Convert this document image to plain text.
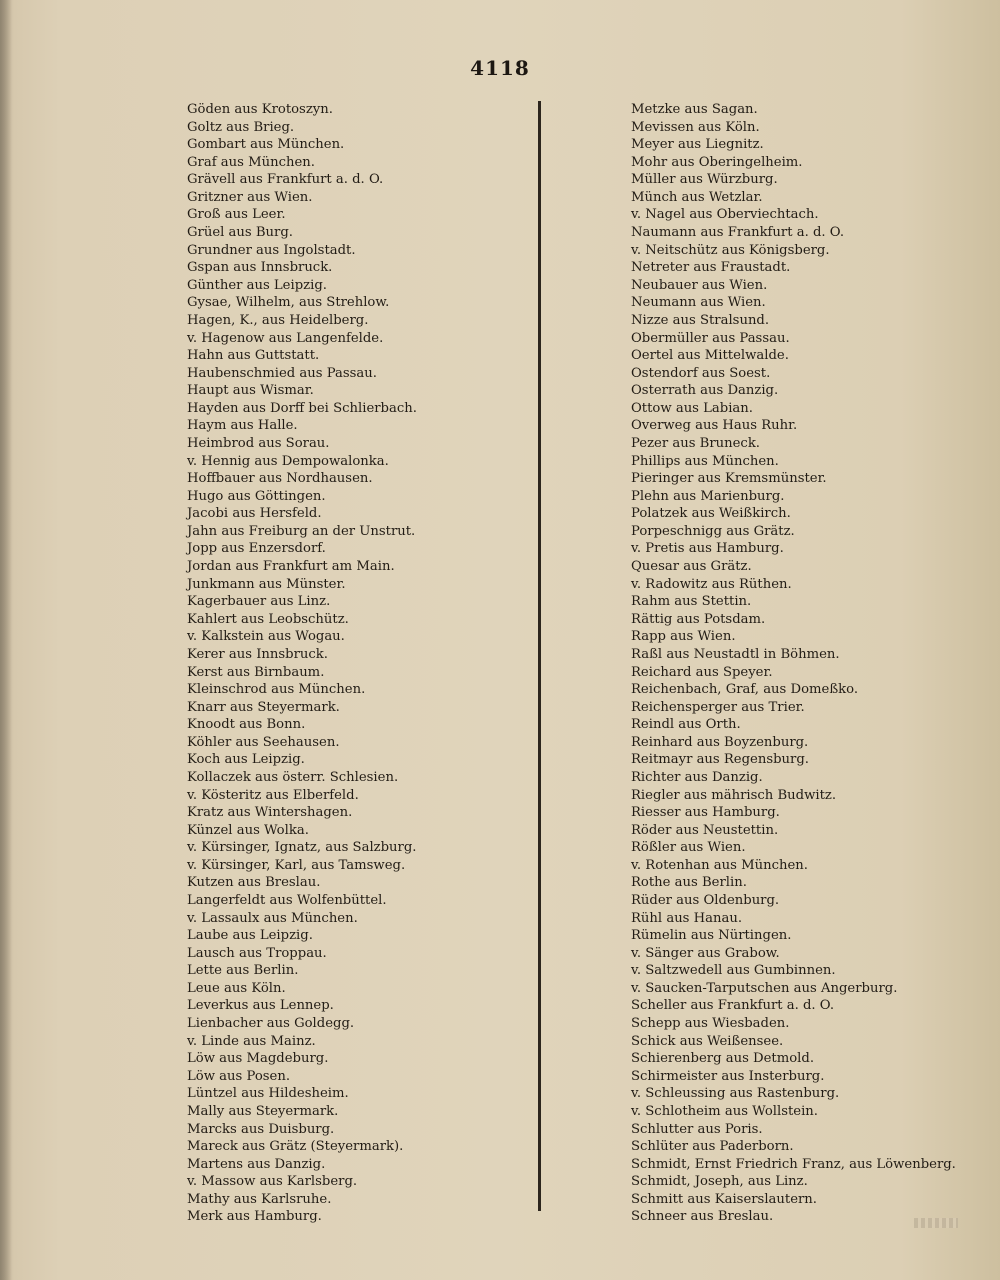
4118
Göden aus Krotoszyn.
Goltz aus Brieg.
Gombart aus München.
Graf aus München.
Grävell aus Frankfurt a. d. O.
Gritzner aus Wien.
Groß aus Leer.
Grüel aus Burg.
Grundner aus Ingolstadt.
Gspan aus Innsbruck.
Günther aus Leipzig.
Gysae, Wilhelm, aus Strehlow.
Hagen, K., aus Heidelberg.
v. Hagenow aus Langenfelde.
Hahn aus Guttstatt.
Haubenschmied aus Passau.
Haupt aus Wismar.
Hayden aus Dorff bei Schlierbach.
Haym aus Halle.
Heimbrod aus Sorau.
v. Hennig aus Dempowalonka.
Hoffbauer aus Nordhausen.
Hugo aus Göttingen.
Jacobi aus Hersfeld.
Jahn aus Freiburg an der Unstrut.
Jopp aus Enzersdorf.
Jordan aus Frankfurt am Main.
Junkmann aus Münster.
Kagerbauer aus Linz.
Kahlert aus Leobschütz.
v. Kalkstein aus Wogau.
Kerer aus Innsbruck.
Kerst aus Birnbaum.
Kleinschrod aus München.
Knarr aus Steyermark.
Knoodt aus Bonn.
Köhler aus Seehausen.
Koch aus Leipzig.
Kollaczek aus österr. Schlesien.
v. Kösteritz aus Elberfeld.
Kratz aus Wintershagen.
Künzel aus Wolka.
v. Kürsinger, Ignatz, aus Salzburg.
v. Kürsinger, Karl, aus Tamsweg.
Kutzen aus Breslau.
Langerfeldt aus Wolfenbüttel.
v. Lassaulx aus München.
Laube aus Leipzig.
Lausch aus Troppau.
Lette aus Berlin.
Leue aus Köln.
Leverkus aus Lennep.
Lienbacher aus Goldegg.
v. Linde aus Mainz.
Löw aus Magdeburg.
Löw aus Posen.
Lüntzel aus Hildesheim.
Mally aus Steyermark.
Marcks aus Duisburg.
Mareck aus Grätz (Steyermark).
Martens aus Danzig.
v. Massow aus Karlsberg.
Mathy aus Karlsruhe.
Merk aus Hamburg.
Metzke aus Sagan.
Mevissen aus Köln.
Meyer aus Liegnitz.
Mohr aus Oberingelheim.
Müller aus Würzburg.
Münch aus Wetzlar.
v. Nagel aus Oberviechtach.
Naumann aus Frankfurt a. d. O.
v. Neitschütz aus Königsberg.
Netreter aus Fraustadt.
Neubauer aus Wien.
Neumann aus Wien.
Nizze aus Stralsund.
Obermüller aus Passau.
Oertel aus Mittelwalde.
Ostendorf aus Soest.
Osterrath aus Danzig.
Ottow aus Labian.
Overweg aus Haus Ruhr.
Pezer aus Bruneck.
Phillips aus München.
Pieringer aus Kremsmünster.
Plehn aus Marienburg.
Polatzek aus Weißkirch.
Porpeschnigg aus Grätz.
v. Pretis aus Hamburg.
Quesar aus Grätz.
v. Radowitz aus Rüthen.
Rahm aus Stettin.
Rättig aus Potsdam.
Rapp aus Wien.
Raßl aus Neustadtl in Böhmen.
Reichard aus Speyer.
Reichenbach, Graf, aus Domeßko.
Reichensperger aus Trier.
Reindl aus Orth.
Reinhard aus Boyzenburg.
Reitmayr aus Regensburg.
Richter aus Danzig.
Riegler aus mährisch Budwitz.
Riesser aus Hamburg.
Röder aus Neustettin.
Rößler aus Wien.
v. Rotenhan aus München.
Rothe aus Berlin.
Rüder aus Oldenburg.
Rühl aus Hanau.
Rümelin aus Nürtingen.
v. Sänger aus Grabow.
v. Saltzwedell aus Gumbinnen.
v. Saucken-Tarputschen aus Angerburg.
Scheller aus Frankfurt a. d. O.
Schepp aus Wiesbaden.
Schick aus Weißensee.
Schierenberg aus Detmold.
Schirmeister aus Insterburg.
v. Schleussing aus Rastenburg.
v. Schlotheim aus Wollstein.
Schlutter aus Poris.
Schlüter aus Paderborn.
Schmidt, Ernst Friedrich Franz, aus Löwenberg.
Schmidt, Joseph, aus Linz.
Schmitt aus Kaiserslautern.
Schneer aus Breslau.
